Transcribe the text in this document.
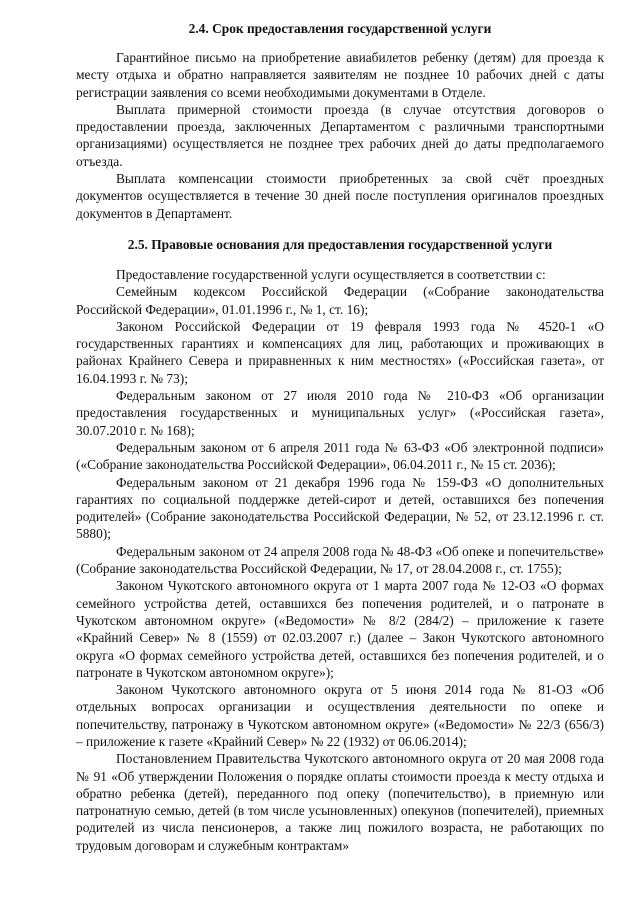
2.4. Срок предоставления государственной услуги

Гарантийное письмо на приобретение авиабилетов ребенку (детям) для проезда к месту отдыха и обратно направляется заявителям не позднее 10 рабочих дней с даты регистрации заявления со всеми необходимыми документами в Отделе.

Выплата примерной стоимости проезда (в случае отсутствия договоров о предоставлении проезда, заключенных Департаментом с различными транспортными организациями) осуществляется не позднее трех рабочих дней до даты предполагаемого отъезда.

Выплата компенсации стоимости приобретенных за свой счёт проездных документов осуществляется в течение 30 дней после поступления оригиналов проездных документов в Департамент.

2.5. Правовые основания для предоставления государственной услуги

Предоставление государственной услуги осуществляется в соответствии с:

Семейным кодексом Российской Федерации («Собрание законодательства Российской Федерации», 01.01.1996 г., № 1, ст. 16);

Законом Российской Федерации от 19 февраля 1993 года № 4520-1 «О государственных гарантиях и компенсациях для лиц, работающих и проживающих в районах Крайнего Севера и приравненных к ним местностях» («Российская газета», от 16.04.1993 г. № 73);

Федеральным законом от 27 июля 2010 года № 210-ФЗ «Об организации предоставления государственных и муниципальных услуг» («Российская газета», 30.07.2010 г. № 168);

Федеральным законом от 6 апреля 2011 года № 63-ФЗ «Об электронной подписи» («Собрание законодательства Российской Федерации», 06.04.2011 г., № 15 ст. 2036);

Федеральным законом от 21 декабря 1996 года № 159-ФЗ «О дополнительных гарантиях по социальной поддержке детей-сирот и детей, оставшихся без попечения родителей» (Собрание законодательства Российской Федерации, № 52, от 23.12.1996 г. ст. 5880);

Федеральным законом от 24 апреля 2008 года № 48-ФЗ «Об опеке и попечительстве» (Собрание законодательства Российской Федерации, № 17, от 28.04.2008 г., ст. 1755);

Законом Чукотского автономного округа от 1 марта 2007 года № 12-ОЗ «О формах семейного устройства детей, оставшихся без попечения родителей, и о патронате в Чукотском автономном округе» («Ведомости» № 8/2 (284/2) – приложение к газете «Крайний Север» № 8 (1559) от 02.03.2007 г.) (далее – Закон Чукотского автономного округа «О формах семейного устройства детей, оставшихся без попечения родителей, и о патронате в Чукотском автономном округе»);

Законом Чукотского автономного округа от 5 июня 2014 года № 81-ОЗ «Об отдельных вопросах организации и осуществления деятельности по опеке и попечительству, патронажу в Чукотском автономном округе» («Ведомости» № 22/3 (656/3) – приложение к газете «Крайний Север» № 22 (1932) от 06.06.2014);

Постановлением Правительства Чукотского автономного округа от 20 мая 2008 года № 91 «Об утверждении Положения о порядке оплаты стоимости проезда к месту отдыха и обратно ребенка (детей), переданного под опеку (попечительство), в приемную или патронатную семью, детей (в том числе усыновленных) опекунов (попечителей), приемных родителей из числа пенсионеров, а также лиц пожилого возраста, не работающих по трудовым договорам и служебным контрактам»
